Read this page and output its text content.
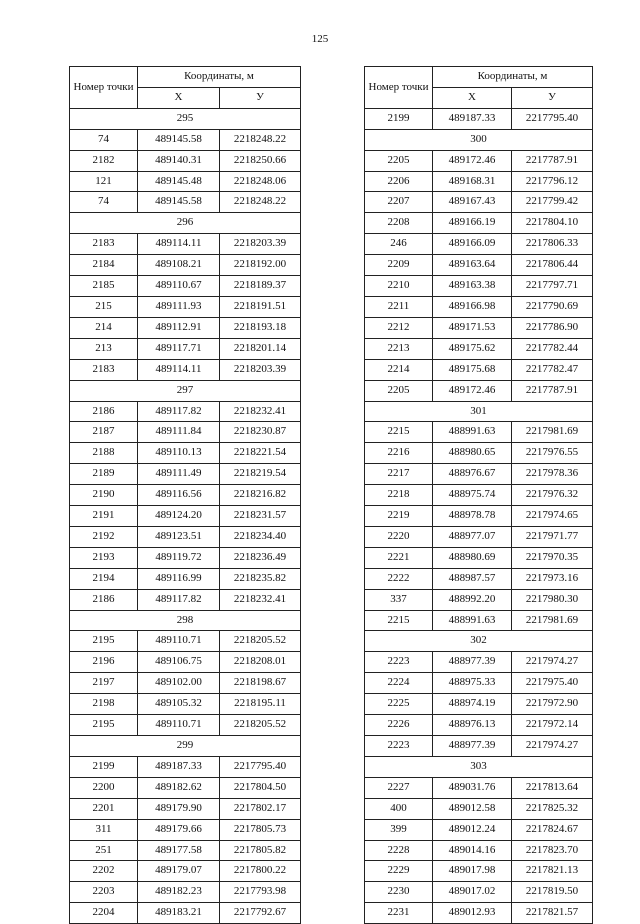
125
Номер точки	Координаты, м	
	X	У
295		
74	489145.58	2218248.22
2182	489140.31	2218250.66
121	489145.48	2218248.06
74	489145.58	2218248.22
296		
2183	489114.11	2218203.39
2184	489108.21	2218192.00
2185	489110.67	2218189.37
215	489111.93	2218191.51
214	489112.91	2218193.18
213	489117.71	2218201.14
2183	489114.11	2218203.39
297		
2186	489117.82	2218232.41
2187	489111.84	2218230.87
2188	489110.13	2218221.54
2189	489111.49	2218219.54
2190	489116.56	2218216.82
2191	489124.20	2218231.57
2192	489123.51	2218234.40
2193	489119.72	2218236.49
2194	489116.99	2218235.82
2186	489117.82	2218232.41
298		
2195	489110.71	2218205.52
2196	489106.75	2218208.01
2197	489102.00	2218198.67
2198	489105.32	2218195.11
2195	489110.71	2218205.52
299		
2199	489187.33	2217795.40
2200	489182.62	2217804.50
2201	489179.90	2217802.17
311	489179.66	2217805.73
251	489177.58	2217805.82
2202	489179.07	2217800.22
2203	489182.23	2217793.98
2204	489183.21	2217792.67
Номер точки	Координаты, м	
	X	У
2199	489187.33	2217795.40
300		
2205	489172.46	2217787.91
2206	489168.31	2217796.12
2207	489167.43	2217799.42
2208	489166.19	2217804.10
246	489166.09	2217806.33
2209	489163.64	2217806.44
2210	489163.38	2217797.71
2211	489166.98	2217790.69
2212	489171.53	2217786.90
2213	489175.62	2217782.44
2214	489175.68	2217782.47
2205	489172.46	2217787.91
301		
2215	488991.63	2217981.69
2216	488980.65	2217976.55
2217	488976.67	2217978.36
2218	488975.74	2217976.32
2219	488978.78	2217974.65
2220	488977.07	2217971.77
2221	488980.69	2217970.35
2222	488987.57	2217973.16
337	488992.20	2217980.30
2215	488991.63	2217981.69
302		
2223	488977.39	2217974.27
2224	488975.33	2217975.40
2225	488974.19	2217972.90
2226	488976.13	2217972.14
2223	488977.39	2217974.27
303		
2227	489031.76	2217813.64
400	489012.58	2217825.32
399	489012.24	2217824.67
2228	489014.16	2217823.70
2229	489017.98	2217821.13
2230	489017.02	2217819.50
2231	489012.93	2217821.57
